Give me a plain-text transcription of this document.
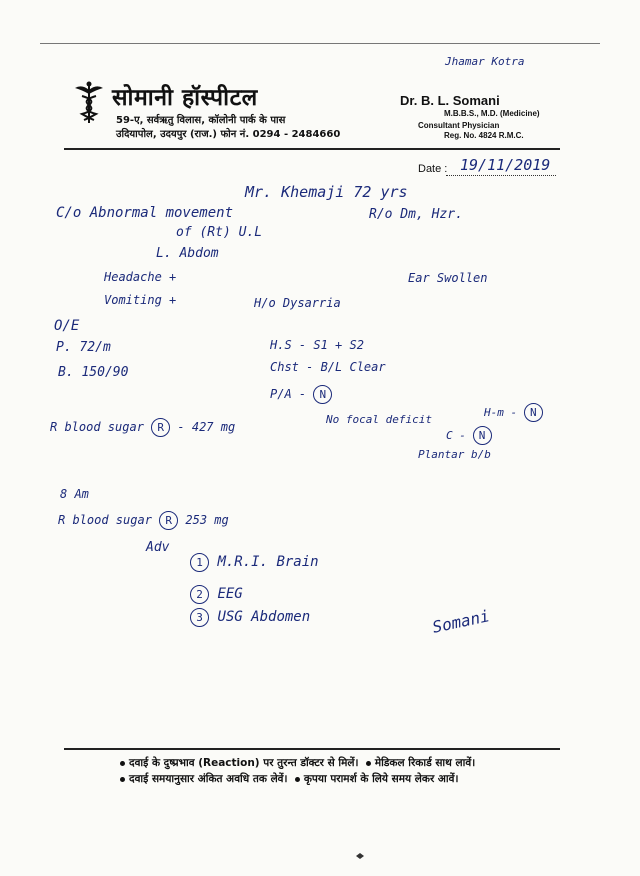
सोमानी हॉस्पीटल
59-ए, सर्वऋतु विलास, कॉलोनी पार्क के पास
उदियापोल, उदयपुर (राज.) फोन नं. 0294 - 2484660
Dr. B. L. Somani
M.B.B.S., M.D. (Medicine)
Consultant Physician
Reg. No. 4824 R.M.C.
Jhamar Kotra
Date : 19/11/2019
Mr. Khemaji 72 yrs
C/o Abnormal movement	R/o Dm, Hzr.
of (Rt) U.L
L. Abdom
Headache +	Ear Swollen
Vomiting +	H/o Dysarria
O/E
P. 72/m
B. 150/90
H.S - S1 + S2
Chst - B/L Clear
P/A - N
R blood sugar R - 427 mg
No focal deficit
H-m - N
C - N
Plantar b/b
8 Am
R blood sugar R 253 mg
Adv
1 M.R.I. Brain
2 EEG
3 USG Abdomen	Somani
दवाई के दुष्प्रभाव (Reaction) पर तुरन्त डॉक्टर से मिलें। मेडिकल रिकार्ड साथ लावें।
दवाई समयानुसार अंकित अवधि तक लेवें। कृपया परामर्श के लिये समय लेकर आवें।
